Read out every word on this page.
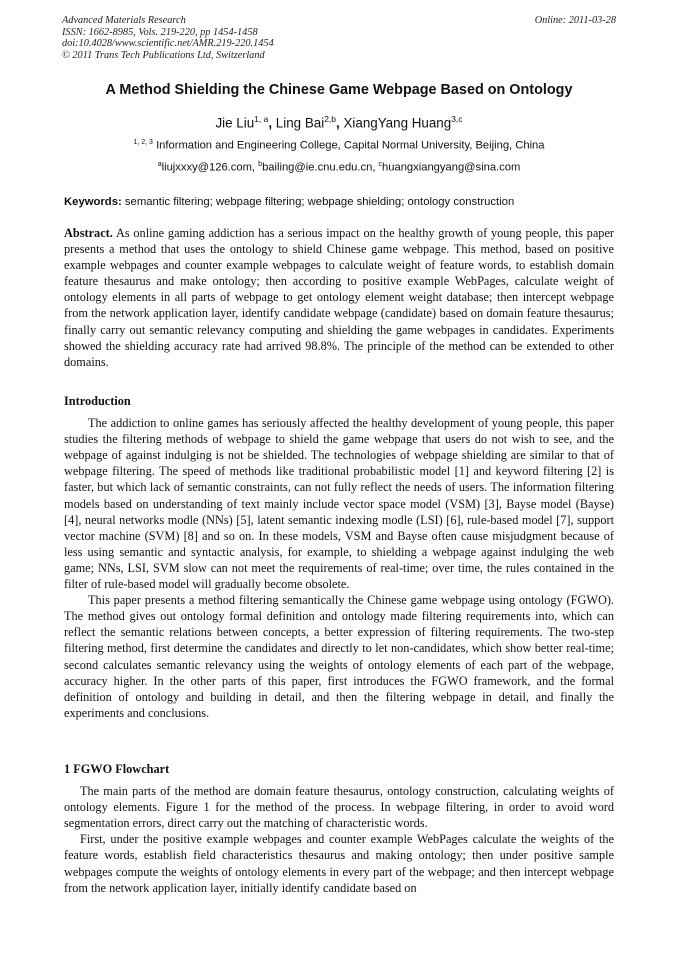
Advanced Materials Research
ISSN: 1662-8985, Vols. 219-220, pp 1454-1458
doi:10.4028/www.scientific.net/AMR.219-220.1454
© 2011 Trans Tech Publications Ltd, Switzerland
Online: 2011-03-28
A Method Shielding the Chinese Game Webpage Based on Ontology
Jie Liu$^{1, a}$, Ling Bai$^{2,b}$, XiangYang Huang$^{3,c}$
$^{1, 2, 3}$ Information and Engineering College, Capital Normal University, Beijing, China
$^a$liujxxxy@126.com, $^b$bailing@ie.cnu.edu.cn, $^c$huangxiangyang@sina.com
Keywords: semantic filtering; webpage filtering; webpage shielding; ontology construction

Abstract. As online gaming addiction has a serious impact on the healthy growth of young people, this paper presents a method that uses the ontology to shield Chinese game webpage. This method, based on positive example webpages and counter example webpages to calculate weight of feature words, to establish domain feature thesaurus and make ontology; then according to positive example WebPages, calculate weight of ontology elements in all parts of webpage to get ontology element weight database; then intercept webpage from the network application layer, identify candidate webpage (candidate) based on domain feature thesaurus; finally carry out semantic relevancy computing and shielding the game webpages in candidates. Experiments showed the shielding accuracy rate had arrived 98.8%. The principle of the method can be extended to other domains.

Introduction

The addiction to online games has seriously affected the healthy development of young people, this paper studies the filtering methods of webpage to shield the game webpage that users do not wish to see, and the webpage of against indulging is not be shielded. The technologies of webpage shielding are similar to that of webpage filtering. The speed of methods like traditional probabilistic model [1] and keyword filtering [2] is faster, but which lack of semantic constraints, can not fully reflect the needs of users. The information filtering models based on understanding of text mainly include vector space model (VSM) [3], Bayse model (Bayse) [4], neural networks modle (NNs) [5], latent semantic indexing modle (LSI) [6], rule-based model [7], support vector machine (SVM) [8] and so on. In these models, VSM and Bayse often cause misjudgment because of less using semantic and syntactic analysis, for example, to shielding a webpage against indulging the web game; NNs, LSI, SVM slow can not meet the requirements of real-time; over time, the rules contained in the filter of rule-based model will gradually become obsolete.

This paper presents a method filtering semantically the Chinese game webpage using ontology (FGWO). The method gives out ontology formal definition and ontology made filtering requirements into, which can reflect the semantic relations between concepts, a better expression of filtering requirements. The two-step filtering method, first determine the candidates and directly to let non-candidates, which show better real-time; second calculates semantic relevancy using the weights of ontology elements of each part of the webpage, accuracy higher. In the other parts of this paper, first introduces the FGWO framework, and the formal definition of ontology and building in detail, and then the filtering webpage in detail, and finally the experiments and conclusions.

1 FGWO Flowchart

The main parts of the method are domain feature thesaurus, ontology construction, calculating weights of ontology elements. Figure 1 for the method of the process. In webpage filtering, in order to avoid word segmentation errors, direct carry out the matching of characteristic words.

First, under the positive example webpages and counter example WebPages calculate the weights of the feature words, establish field characteristics thesaurus and making ontology; then under positive sample webpages compute the weights of ontology elements in every part of the webpage; and then intercept webpage from the network application layer, initially identify candidate based on
